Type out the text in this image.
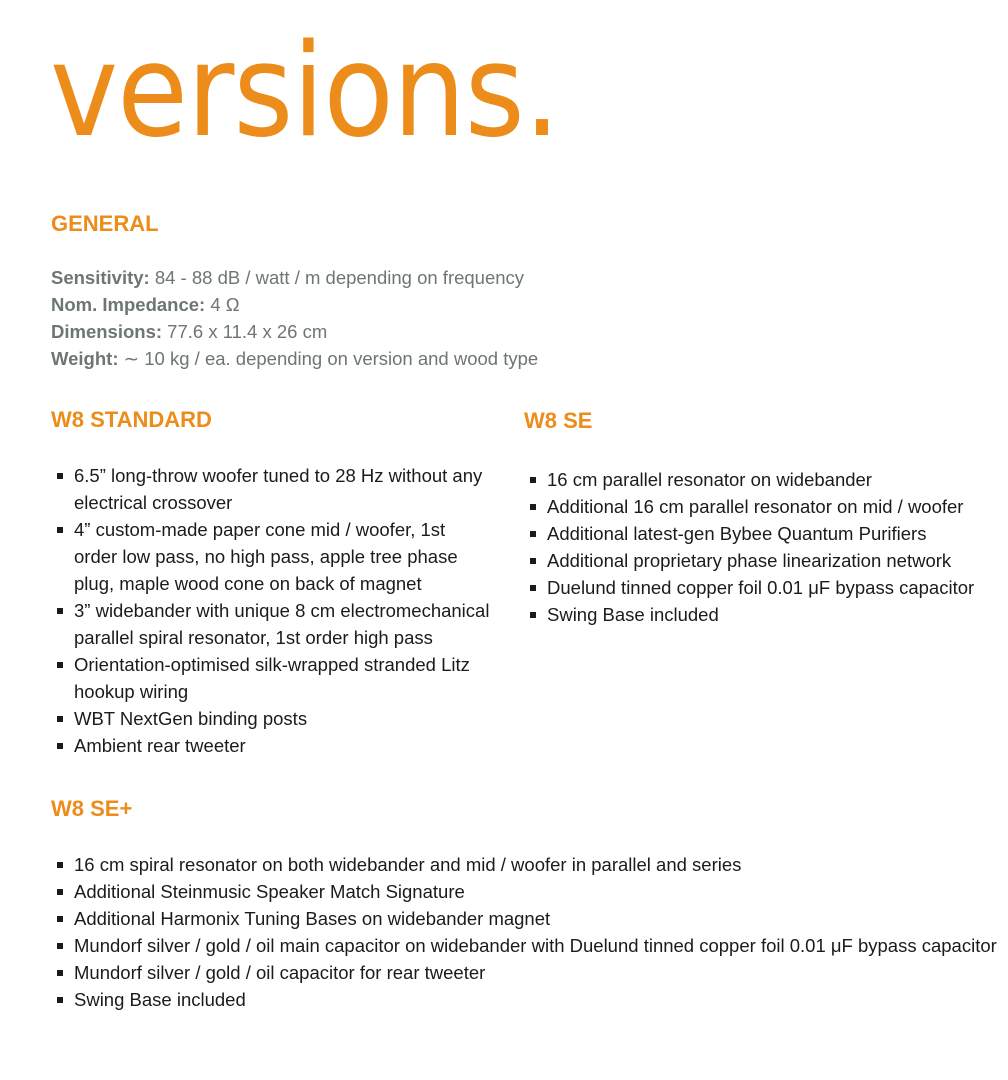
versions.
GENERAL
Sensitivity: 84 - 88 dB / watt / m depending on frequency
Nom. Impedance: 4 Ω
Dimensions: 77.6 x 11.4 x 26 cm
Weight: ∼ 10 kg / ea. depending on version and wood type
W8 STANDARD
6.5” long-throw woofer tuned to 28 Hz without any electrical crossover
4” custom-made paper cone mid / woofer, 1st order low pass, no high pass, apple tree phase plug, maple wood cone on back of magnet
3” widebander with unique 8 cm electromechanical parallel spiral resonator, 1st order high pass
Orientation-optimised silk-wrapped stranded Litz hookup wiring
WBT NextGen binding posts
Ambient rear tweeter
W8 SE
16 cm parallel resonator on widebander
Additional 16 cm parallel resonator on mid / woofer
Additional latest-gen Bybee Quantum Purifiers
Additional proprietary phase linearization network
Duelund tinned copper foil 0.01 μF bypass capacitor
Swing Base included
W8 SE+
16 cm spiral resonator on both widebander and mid / woofer in parallel and series
Additional Steinmusic Speaker Match Signature
Additional Harmonix Tuning Bases on widebander magnet
Mundorf silver / gold / oil main capacitor on widebander with Duelund tinned copper foil 0.01 μF bypass capacitor
Mundorf silver / gold / oil capacitor for rear tweeter
Swing Base included
